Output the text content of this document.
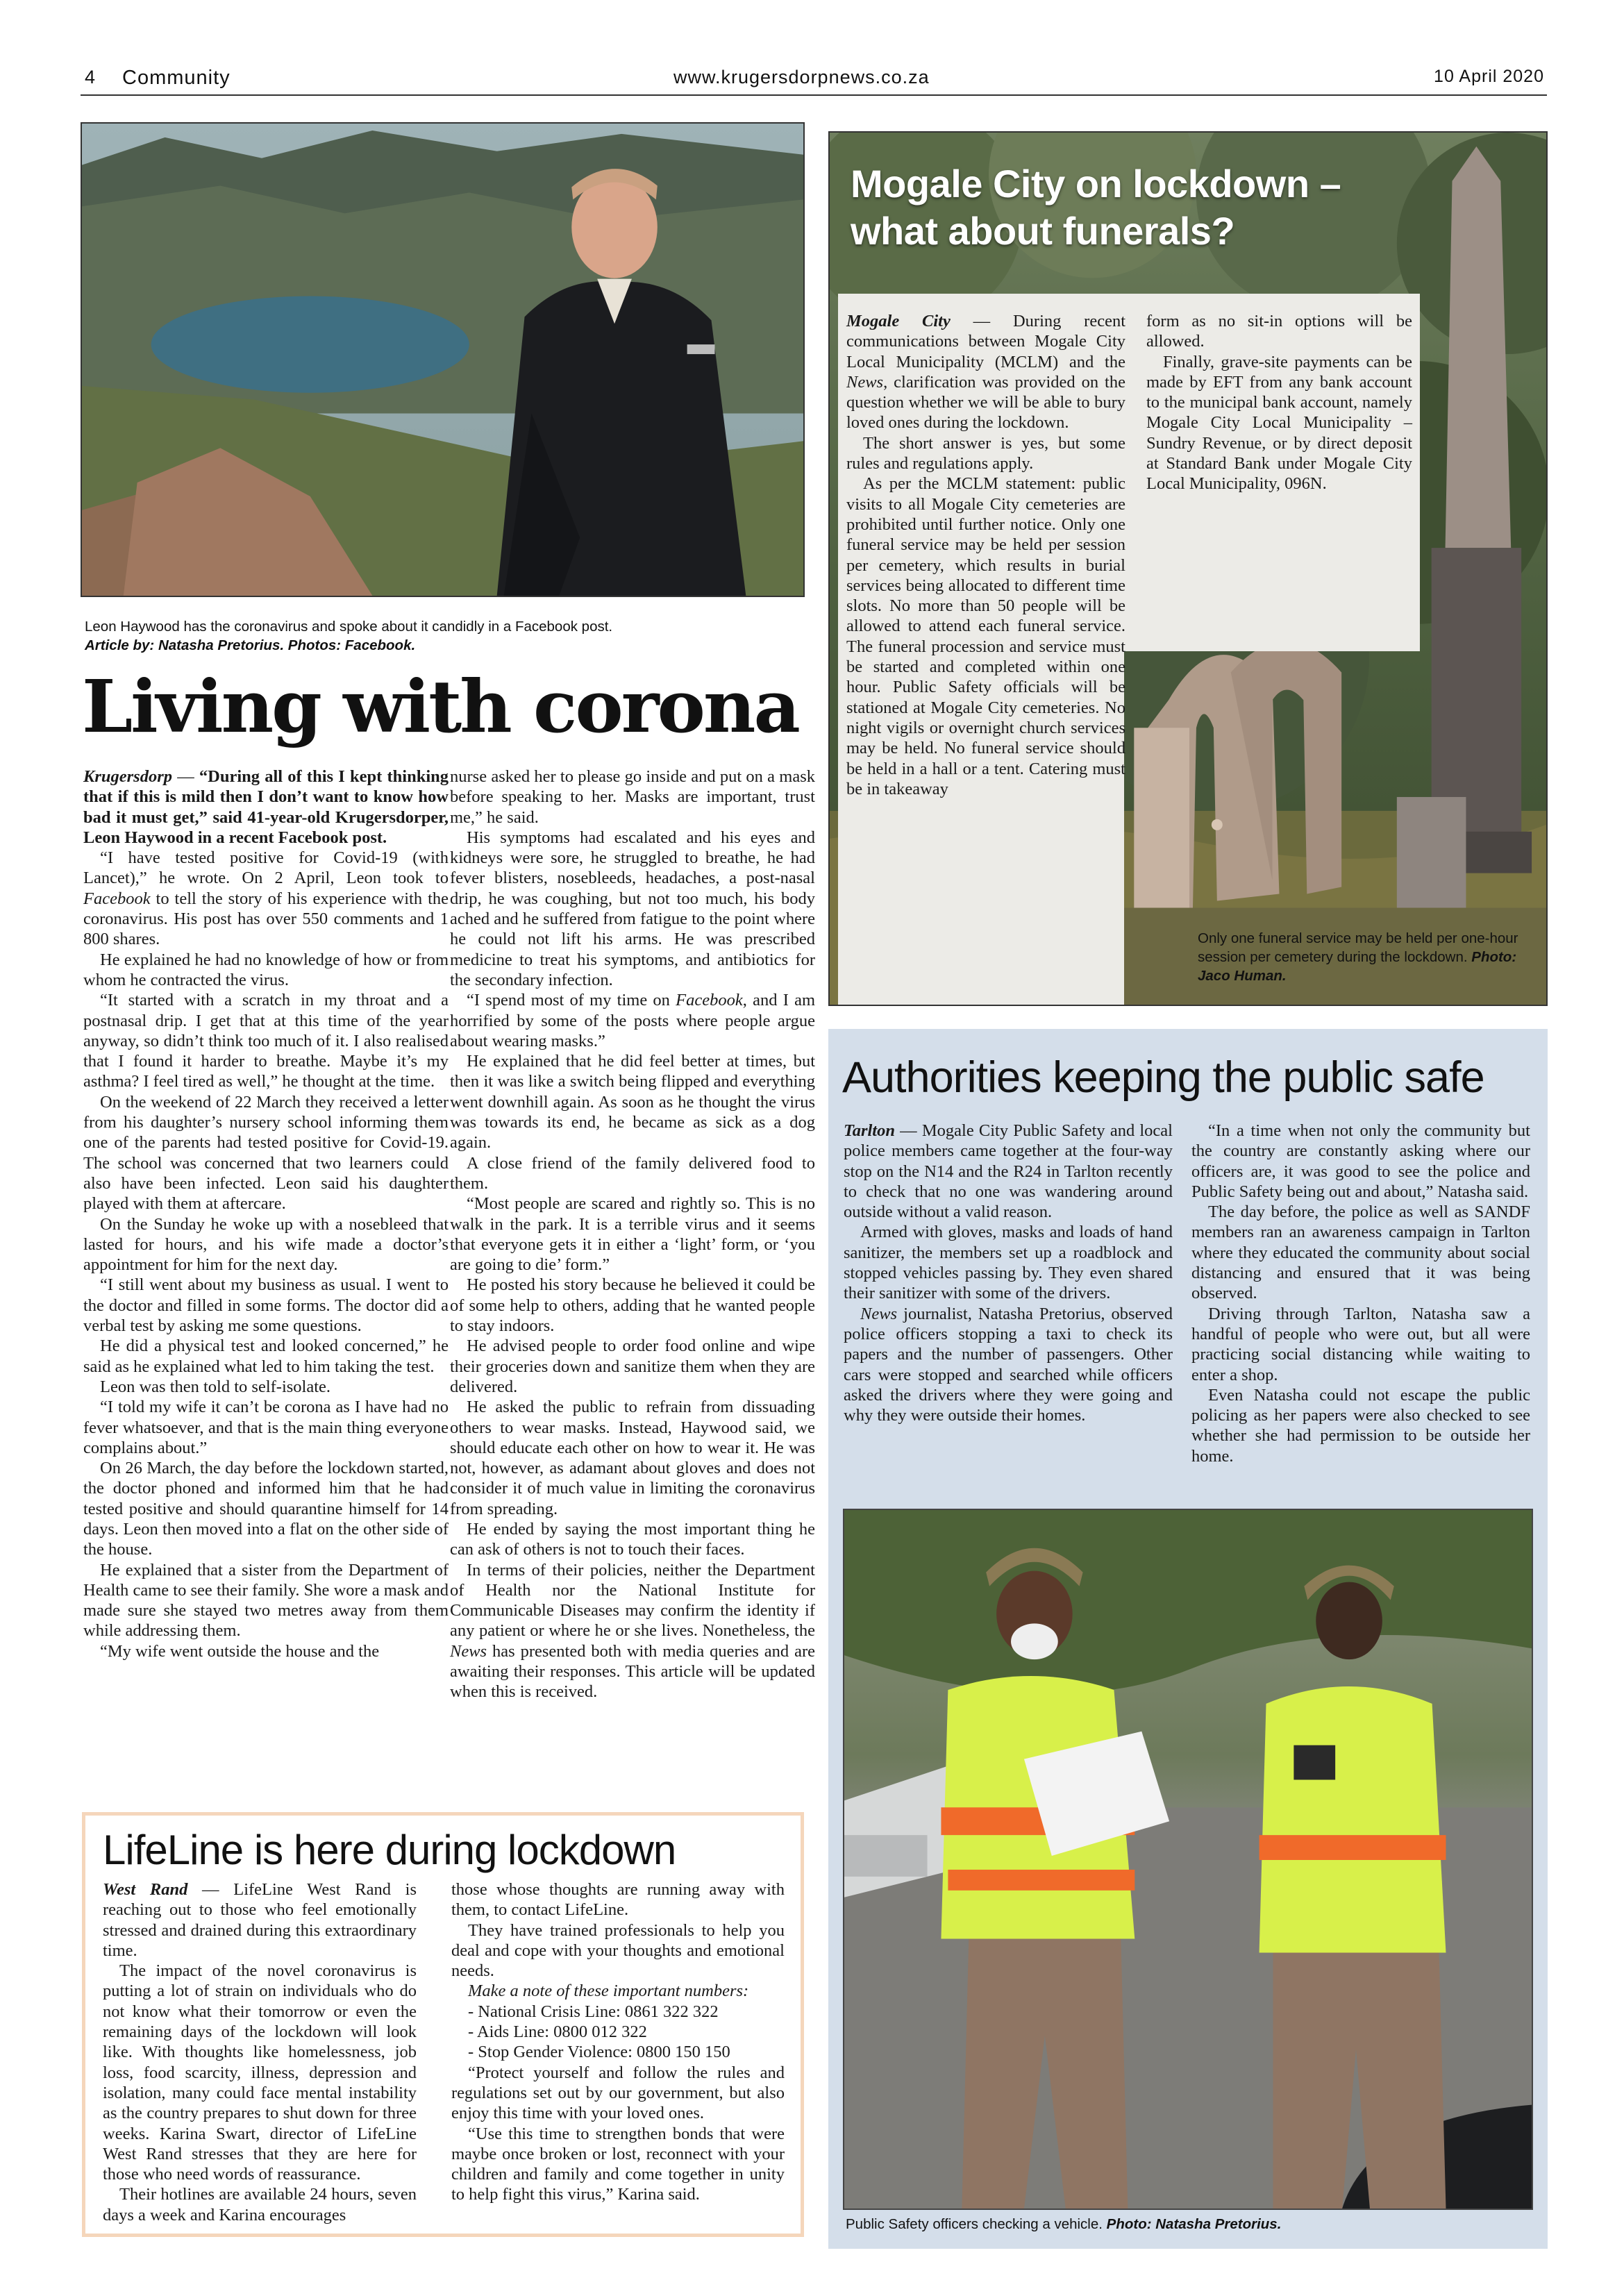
4 Community	www.krugersdorpnews.co.za	10 April 2020
Leon Haywood has the coronavirus and spoke about it candidly in a Facebook post.
Article by: Natasha Pretorius. Photos: Facebook.
Living with corona

Krugersdorp — “During all of this I kept thinking that if this is mild then I don’t want to know how bad it must get,” said 41-year-old Krugersdorper, Leon Haywood in a recent Facebook post.

“I have tested positive for Covid-19 (with Lancet),” he wrote. On 2 April, Leon took to Facebook to tell the story of his experience with the coronavirus. His post has over 550 comments and 1 800 shares.

He explained he had no knowledge of how or from whom he contracted the virus.

“It started with a scratch in my throat and a postnasal drip. I get that at this time of the year anyway, so didn’t think too much of it. I also realised that I found it harder to breathe. Maybe it’s my asthma? I feel tired as well,” he thought at the time.

On the weekend of 22 March they received a letter from his daughter’s nursery school informing them one of the parents had tested positive for Covid-19. The school was concerned that two learners could also have been infected. Leon said his daughter played with them at aftercare.

On the Sunday he woke up with a nosebleed that lasted for hours, and his wife made a doctor’s appointment for him for the next day.

“I still went about my business as usual. I went to the doctor and filled in some forms. The doctor did a verbal test by asking me some questions.

He did a physical test and looked concerned,” he said as he explained what led to him taking the test.

Leon was then told to self-isolate.

“I told my wife it can’t be corona as I have had no fever whatsoever, and that is the main thing everyone complains about.”

On 26 March, the day before the lockdown started, the doctor phoned and informed him that he had tested positive and should quarantine himself for 14 days. Leon then moved into a flat on the other side of the house.

He explained that a sister from the Department of Health came to see their family. She wore a mask and made sure she stayed two metres away from them while addressing them.

“My wife went outside the house and the

nurse asked her to please go inside and put on a mask before speaking to her. Masks are important, trust me,” he said.

His symptoms had escalated and his eyes and kidneys were sore, he struggled to breathe, he had fever blisters, nosebleeds, headaches, a post-nasal drip, he was coughing, but not too much, his body ached and he suffered from fatigue to the point where he could not lift his arms. He was prescribed medicine to treat his symptoms, and antibiotics for the secondary infection.

“I spend most of my time on Facebook, and I am horrified by some of the posts where people argue about wearing masks.”

He explained that he did feel better at times, but then it was like a switch being flipped and everything went downhill again. As soon as he thought the virus was towards its end, he became as sick as a dog again.

A close friend of the family delivered food to them.

“Most people are scared and rightly so. This is no walk in the park. It is a terrible virus and it seems that everyone gets it in either a ‘light’ form, or ‘you are going to die’ form.”

He posted his story because he believed it could be of some help to others, adding that he wanted people to stay indoors.

He advised people to order food online and wipe their groceries down and sanitize them when they are delivered.

He asked the public to refrain from dissuading others to wear masks. Instead, Haywood said, we should educate each other on how to wear it. He was not, however, as adamant about gloves and does not consider it of much value in limiting the coronavirus from spreading.

He ended by saying the most important thing he can ask of others is not to touch their faces.

In terms of their policies, neither the Department of Health nor the National Institute for Communicable Diseases may confirm the identity if any patient or where he or she lives. Nonetheless, the News has presented both with media queries and are awaiting their responses. This article will be updated when this is received.

Mogale City on lockdown –
what about funerals?
Only one funeral service may be held per one-hour session per cemetery during the lockdown. Photo: Jaco Human.

Mogale City — During recent communications between Mogale City Local Municipality (MCLM) and the News, clarification was provided on the question whether we will be able to bury loved ones during the lockdown.

The short answer is yes, but some rules and regulations apply.

As per the MCLM statement: public visits to all Mogale City cemeteries are prohibited until further notice. Only one funeral service may be held per session per cemetery, which results in burial services being allocated to different time slots. No more than 50 people will be allowed to attend each funeral service. The funeral procession and service must be started and completed within one hour. Public Safety officials will be stationed at Mogale City cemeteries. No night vigils or overnight church services may be held. No funeral service should be held in a hall or a tent. Catering must be in takeaway

form as no sit-in options will be allowed.

Finally, grave-site payments can be made by EFT from any bank account to the municipal bank account, namely Mogale City Local Municipality – Sundry Revenue, or by direct deposit at Standard Bank under Mogale City Local Municipality, 096N.

Authorities keeping the public safe

Tarlton — Mogale City Public Safety and local police members came together at the four-way stop on the N14 and the R24 in Tarlton recently to check that no one was wandering around outside without a valid reason.

Armed with gloves, masks and loads of hand sanitizer, the members set up a roadblock and stopped vehicles passing by. They even shared their sanitizer with some of the drivers.

News journalist, Natasha Pretorius, observed police officers stopping a taxi to check its papers and the number of passengers. Other cars were stopped and searched while officers asked the drivers where they were going and why they were outside their homes.

“In a time when not only the community but the country are constantly asking where our officers are, it was good to see the police and Public Safety being out and about,” Natasha said.

The day before, the police as well as SANDF members ran an awareness campaign in Tarlton where they educated the community about social distancing and ensured that it was being observed.

Driving through Tarlton, Natasha saw a handful of people who were out, but all were practicing social distancing while waiting to enter a shop.

Even Natasha could not escape the public policing as her papers were also checked to see whether she had permission to be outside her home.

Public Safety officers checking a vehicle. Photo: Natasha Pretorius.
LifeLine is here during lockdown

West Rand — LifeLine West Rand is reaching out to those who feel emotionally stressed and drained during this extraordinary time.

The impact of the novel coronavirus is putting a lot of strain on individuals who do not know what their tomorrow or even the remaining days of the lockdown will look like. With thoughts like homelessness, job loss, food scarcity, illness, depression and isolation, many could face mental instability as the country prepares to shut down for three weeks. Karina Swart, director of LifeLine West Rand stresses that they are here for those who need words of reassurance.

Their hotlines are available 24 hours, seven days a week and Karina encourages

those whose thoughts are running away with them, to contact LifeLine.

They have trained professionals to help you deal and cope with your thoughts and emotional needs.

Make a note of these important numbers:

- National Crisis Line: 0861 322 322

- Aids Line: 0800 012 322

- Stop Gender Violence: 0800 150 150

“Protect yourself and follow the rules and regulations set out by our government, but also enjoy this time with your loved ones.

“Use this time to strengthen bonds that were maybe once broken or lost, reconnect with your children and family and come together in unity to help fight this virus,” Karina said.
